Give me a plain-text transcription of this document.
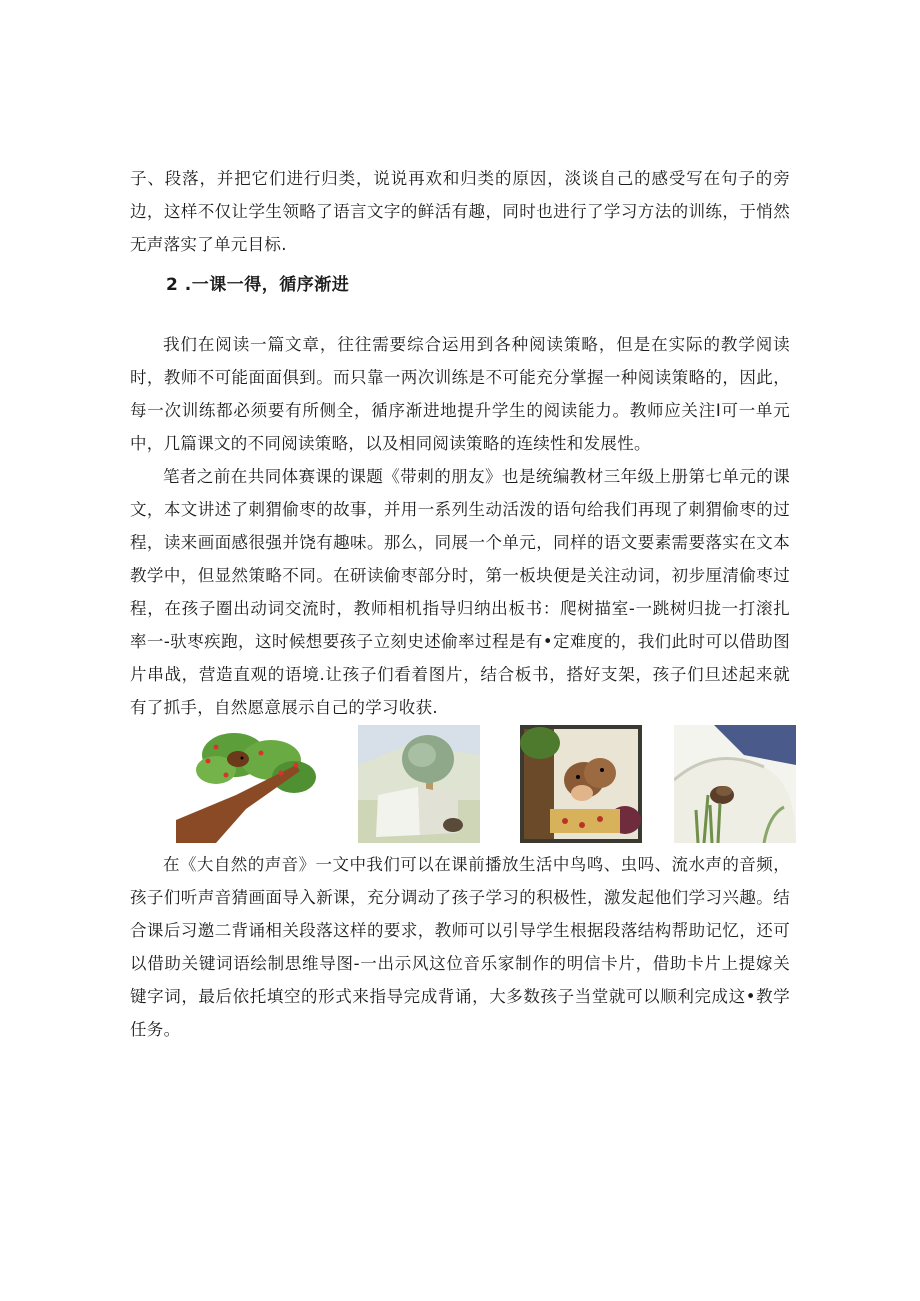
子、段落，并把它们进行归类，说说再欢和归类的原因，淡谈自己的感受写在句子的旁边，这样不仅让学生领略了语言文字的鲜活有趣，同时也进行了学习方法的训练，于悄然无声落实了单元目标.

2 .一课一得，循序渐进

我们在阅读一篇文章，往往需要综合运用到各种阅读策略，但是在实际的教学阅读时，教师不可能面面俱到。而只靠一两次训练是不可能充分掌握一种阅读策略的，因此，每一次训练都必须要有所侧全，循序渐进地提升学生的阅读能力。教师应关注I可一单元中，几篇课文的不同阅读策略，以及相同阅读策略的连续性和发展性。

笔者之前在共同体赛课的课题《带刺的朋友》也是统编教材三年级上册第七单元的课文，本文讲述了刺猬偷枣的故事，并用一系列生动活泼的语句给我们再现了刺猬偷枣的过程，读来画面感很强并饶有趣味。那么，同展一个单元，同样的语文要素需要落实在文本教学中，但显然策略不同。在研读偷枣部分时，第一板块便是关注动词，初步厘清偷枣过程，在孩子圈出动词交流时，教师相机指导归纳出板书：爬树描室-一跳树归拢一打滚扎率一-驮枣疾跑，这时候想要孩子立刻史述偷率过程是有•定难度的，我们此时可以借助图片串战，营造直观的语境.让孩子们看着图片，结合板书，搭好支架，孩子们旦述起来就有了抓手，自然愿意展示自己的学习收获.

在《大自然的声音》一文中我们可以在课前播放生活中鸟鸣、虫吗、流水声的音频，孩子们听声音猜画面导入新课，充分调动了孩子学习的积极性，激发起他们学习兴趣。结合课后习邀二背诵相关段落这样的要求，教师可以引导学生根据段落结构帮助记忆，还可以借助关键词语绘制思维导图-一出示风这位音乐家制作的明信卡片，借助卡片上提嫁关键字词，最后依托填空的形式来指导完成背诵，大多数孩子当堂就可以顺利完成这•教学任务。
